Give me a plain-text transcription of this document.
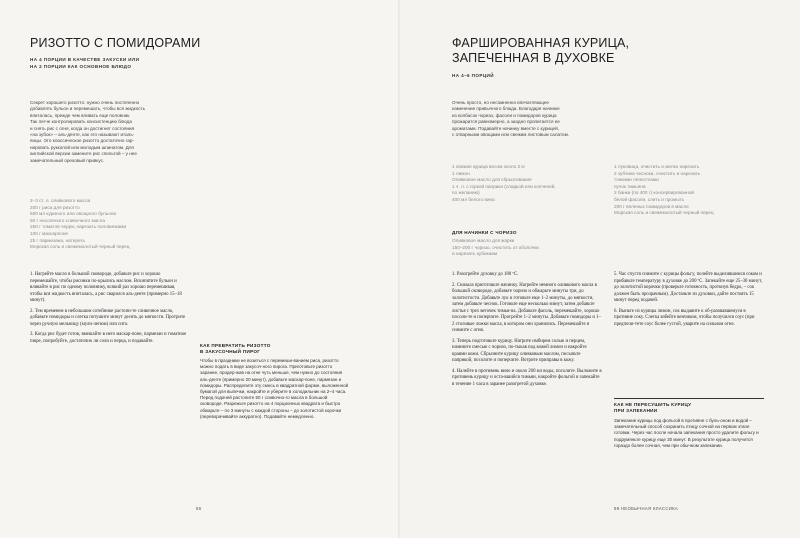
РИЗОТТО С ПОМИДОРАМИ
НА 4 ПОРЦИИ В КАЧЕСТВЕ ЗАКУСКИ ИЛИ
НА 2 ПОРЦИИ КАК ОСНОВНОЕ БЛЮДО
Секрет хорошего ризотто: нужно очень постепенно
добавлять бульон и перемешать, чтобы вся жидкость
впиталась, прежде чем вливать еще половник.
Так легче контролировать консистенцию блюда
и снять рис с огня, когда он достигнет состояния
«на зубок» – аль-денте, как это называют италь-
янцы. Это классическое ризотто достаточно гар-
нировать рукколой или молодым шпинатом. Для
английской версии замените рис спельтой – у нее
замечательный ореховый привкус.
2–3 ст. л. оливкового масла
200 г риса для ризотто
500 мл куриного или овощного бульона
50 г несоленого сливочного масла
250 г томатов черри, нарезать половинками
100 г маскарпоне
25 г пармезана, натереть
Морская соль и свежемолотый черный перец

1. Нагрейте масло в большой сковороде, добавьте рис и хорошо перемешайте, чтобы рисинки по-крылись маслом. Вскипятите бульон и вливайте в рис по одному половнику, всякий раз хорошо перемешивая, чтобы вся жидкость впиталась, а рис сварился аль-денте (примерно 15–18 минут).

2. Тем временем в небольшом сотейнике растопи-те сливочное масло, добавьте помидоры и слегка потушите минут десять до мягкости. Протрите через ручную мельницу (мули-легюм) или сито.

3. Когда рис будет готов, вмешайте в него маскар-поне, пармезан и томатное пюре, попробуйте, достаточно ли соли и перца, и подавайте.

КАК ПРЕВРАТИТЬ РИЗОТТО
В ЗАКУСОЧНЫЙ ПИРОГ

Чтобы в праздники не возиться с перемеши-ванием риса, ризотто можно подать в виде закусоч-ного пирога. Приготовьте ризотто заранее, продер-жав на огне чуть меньше, чем нужно до состояния аль-денте (примерно 20 минут), добавьте маскар-поне, пармезан и помидоры. Распределите эту смесь в квадратной форме, выложенной бумагой для выпечки, накройте и уберите в холодильник на 2–4 часа. Перед подачей растопите 50 г сливочно-го масла в большой сковороде. Разрежьте ризотто на 4 порционных квадрата и быстро обжарьте – по 3 минуты с каждой стороны – до золотистой корочки (переворачивайте аккуратно). Подавайте немедленно.

86
ФАРШИРОВАННАЯ КУРИЦА,
ЗАПЕЧЕННАЯ В ДУХОВКЕ
НА 4–6 ПОРЦИЙ
Очень просто, но несомненно впечатляющее
изменение привычного блюда. Благодаря начинке
из колбасок чоризо, фасоли и помидоров курица
прожарится равномерно, а заодно пропитается ее
ароматами. Подавайте начинку вместе с курицей,
с отварными овощами или свежим листовым салатом.
1 свежая курица весом около 2 кг
1 лимон
Оливковое масло для сбрызгивания
1 ч. л. с горкой паприки (сладкой или копченой,
по желанию)
400 мл белого вина
1 луковица, очистить и мелко нарезать
2 зубчика чеснока, очистить и нарезать
тонкими лепестками
пучок тимьяна
2 банки (по 400 г) консервированной
белой фасоли, слить и промыть
200 г вяленых помидоров в масле
Морская соль и свежемолотый черный перец
ДЛЯ НАЧИНКИ С ЧОРИЗО
Оливковое масло для жарки
150–200 г чоризо, очистить от оболочки
и нарезать кубиками

1. Разогрейте духовку до 180 ºС.

2. Сначала приготовьте начинку. Нагрейте немного оливкового масла в большой сковороде, добавьте чоризо и обжарьте минуты три, до золотистости. Добавьте лук и готовьте еще 1–2 минуты, до мягкости, затем добавьте чеснок. Готовьте еще несколько минут, затем добавьте листья с трех веточек тимья-на. Добавьте фасоль, перемешайте, хорошо посоли-те и поперчите. Прогрейте 1–2 минуты. Добавьте помидоры и 1–2 столовые ложки масла, в котором они хранились. Перемешайте и снимите с огня.

3. Теперь подготовьте курицу. Натрите имбирем солью и перцем, начините смесью с чоризо, по-тыкав под кожей лимон и накройте краями кожи. Сбрызните курицу оливковым маслом, посыпьте паприкой, посолите и поперчите. Вотрите приправы в кожу.

4. Налейте в противень вино и около 200 мл воды, посолите. Выложите в противень курицу и оста-вшийся тимьян, накройте фольгой и запекайте в течение 1 часа в заранее разогретой духовке.

5. Час спустя снимите с курицы фольгу, полейте выделившимся соком и прибавьте температуру в духовке до 200 ºС. Запекайте еще 25–30 минут, до золотистой корочки (проверьте готовность, проткнув бедро, – сок должен быть прозрачным). Достаньте из духовки, дайте постоять 15 минут перед подачей.

6. Выньте из курицы лимон, сок выдавите к об-разовавшемуся в противне соку. Слегка взбейте венчиком, чтобы получился соус (при предпочи-тете соус более густой, уварите на сильном огне.

КАК НЕ ПЕРЕСУШИТЬ КУРИЦУ
ПРИ ЗАПЕКАНИИ

Запекание курицы под фольгой в противне с буль-оном и водой – замечательный способ сохранить птицу сочной на первом этапе готовки. Через час после начала запекания просто удалите фольгу и подрумяньте курицу еще 30 минут. В результате курица получится гораздо более сочная, чем при обычном запекании.

89 НЕОБЫЧНАЯ КЛАССИКА
